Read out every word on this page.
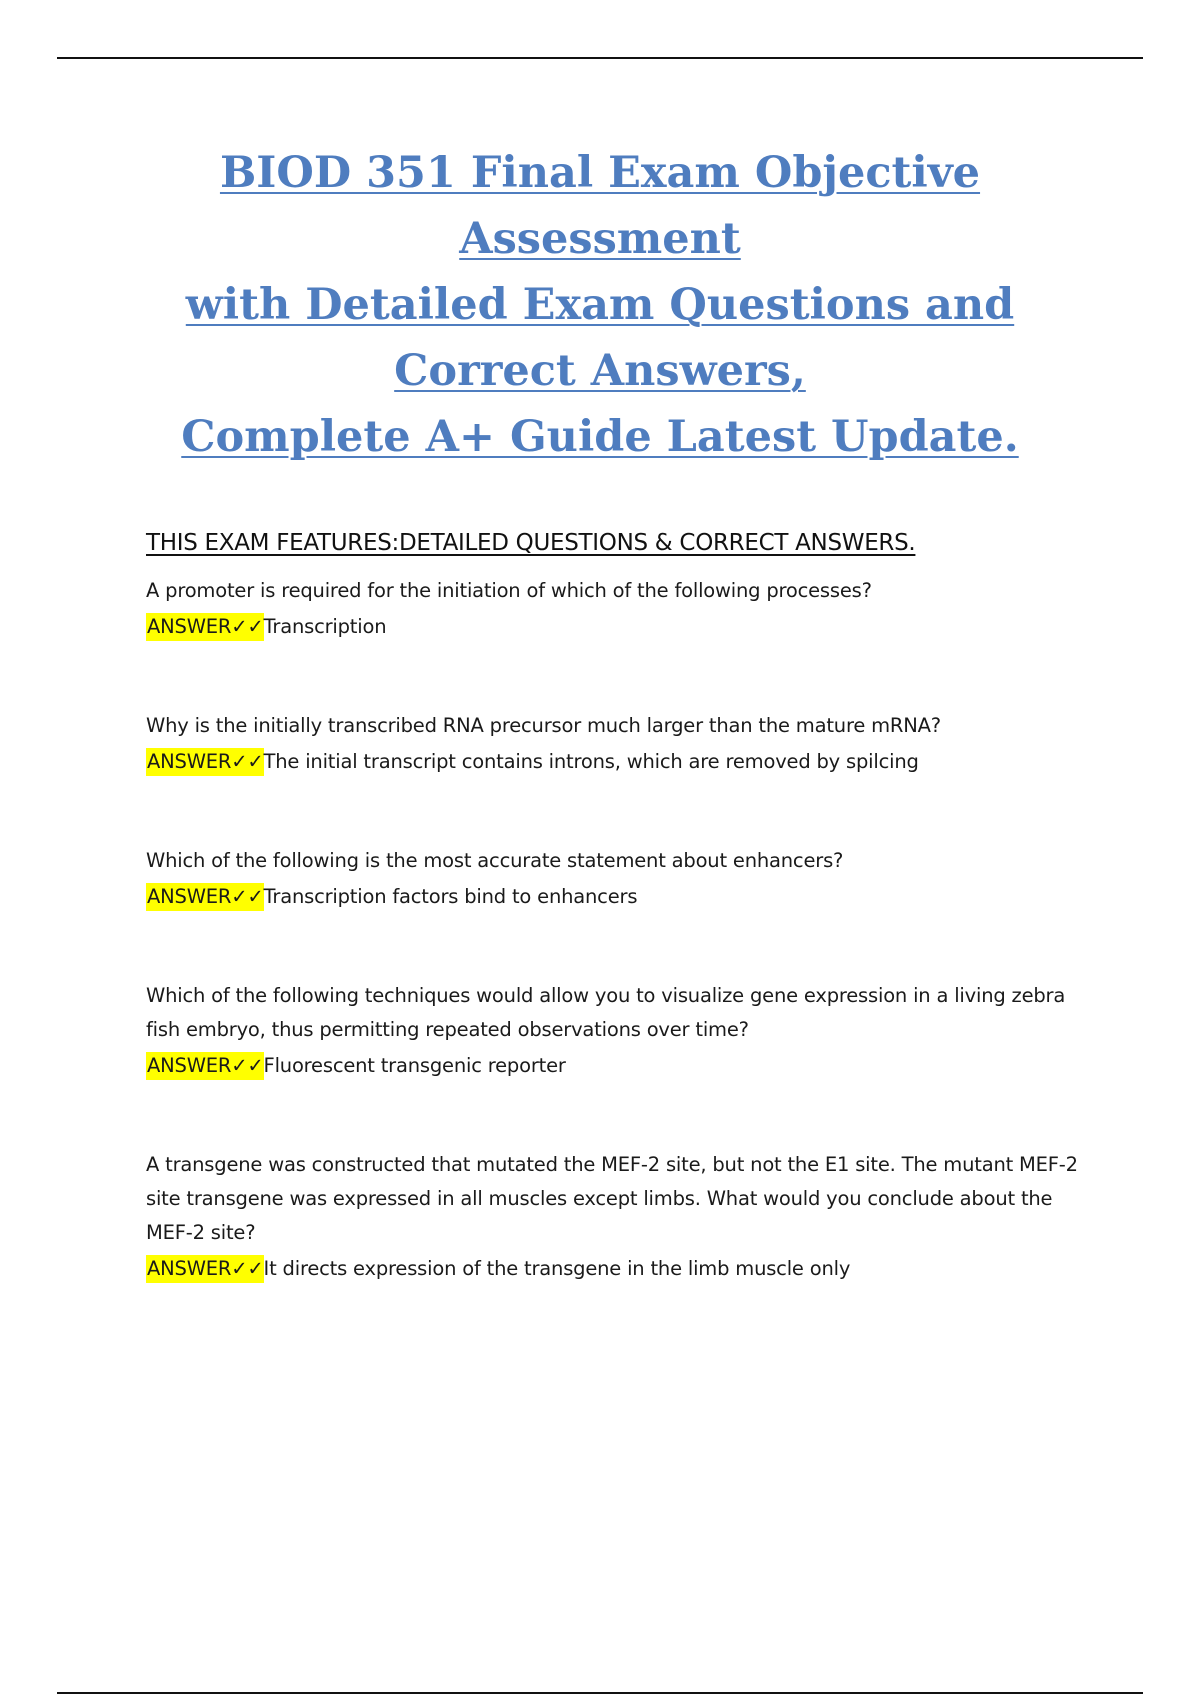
BIOD 351 Final Exam Objective
Assessment
with Detailed Exam Questions and
Correct Answers,
Complete A+ Guide Latest Update.

THIS EXAM FEATURES:DETAILED QUESTIONS & CORRECT ANSWERS.

A promoter is required for the initiation of which of the following processes?

ANSWER✓✓Transcription

Why is the initially transcribed RNA precursor much larger than the mature mRNA?

ANSWER✓✓The initial transcript contains introns, which are removed by spilcing

Which of the following is the most accurate statement about enhancers?

ANSWER✓✓Transcription factors bind to enhancers

Which of the following techniques would allow you to visualize gene expression in a living zebra fish embryo, thus permitting repeated observations over time?

ANSWER✓✓Fluorescent transgenic reporter

A transgene was constructed that mutated the MEF-2 site, but not the E1 site. The mutant MEF-2 site transgene was expressed in all muscles except limbs. What would you conclude about the MEF-2 site?

ANSWER✓✓It directs expression of the transgene in the limb muscle only
